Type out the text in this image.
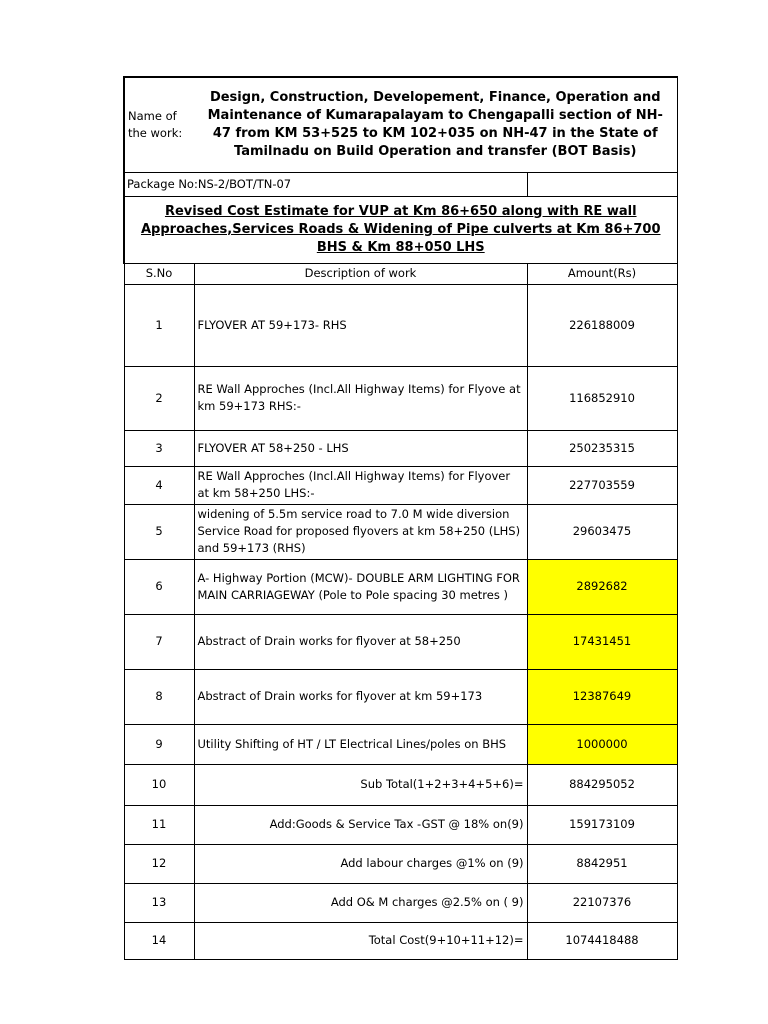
Name of the work:	Design, Construction, Developement, Finance, Operation and Maintenance of Kumarapalayam to Chengapalli section of NH-47 from KM 53+525 to KM 102+035 on NH-47 in the State of Tamilnadu on Build Operation and transfer (BOT Basis)	
Package No:NS-2/BOT/TN-07		
Revised Cost Estimate for VUP at Km 86+650 along with RE wall Approaches,Services Roads & Widening of Pipe culverts at Km 86+700 BHS & Km 88+050 LHS		
S.No	Description of work	Amount(Rs)
1	FLYOVER AT 59+173- RHS	226188009
2	RE Wall Approches (Incl.All Highway Items) for Flyove at km 59+173 RHS:-	116852910
3	FLYOVER AT 58+250 - LHS	250235315
4	RE Wall Approches (Incl.All Highway Items) for Flyover at km 58+250 LHS:-	227703559
5	widening of 5.5m service road to 7.0 M wide diversion Service Road for proposed flyovers at km 58+250 (LHS) and 59+173 (RHS)	29603475
6	A- Highway Portion (MCW)- DOUBLE ARM LIGHTING FOR MAIN CARRIAGEWAY (Pole to Pole spacing 30 metres )	2892682
7	Abstract of Drain works for flyover at 58+250	17431451
8	Abstract of Drain works for flyover at km 59+173	12387649
9	Utility Shifting of HT / LT Electrical Lines/poles on BHS	1000000
10	Sub Total(1+2+3+4+5+6)=	884295052
11	Add:Goods & Service Tax -GST @ 18% on(9)	159173109
12	Add labour charges @1% on (9)	8842951
13	Add O& M charges @2.5% on ( 9)	22107376
14	Total Cost(9+10+11+12)=	1074418488
